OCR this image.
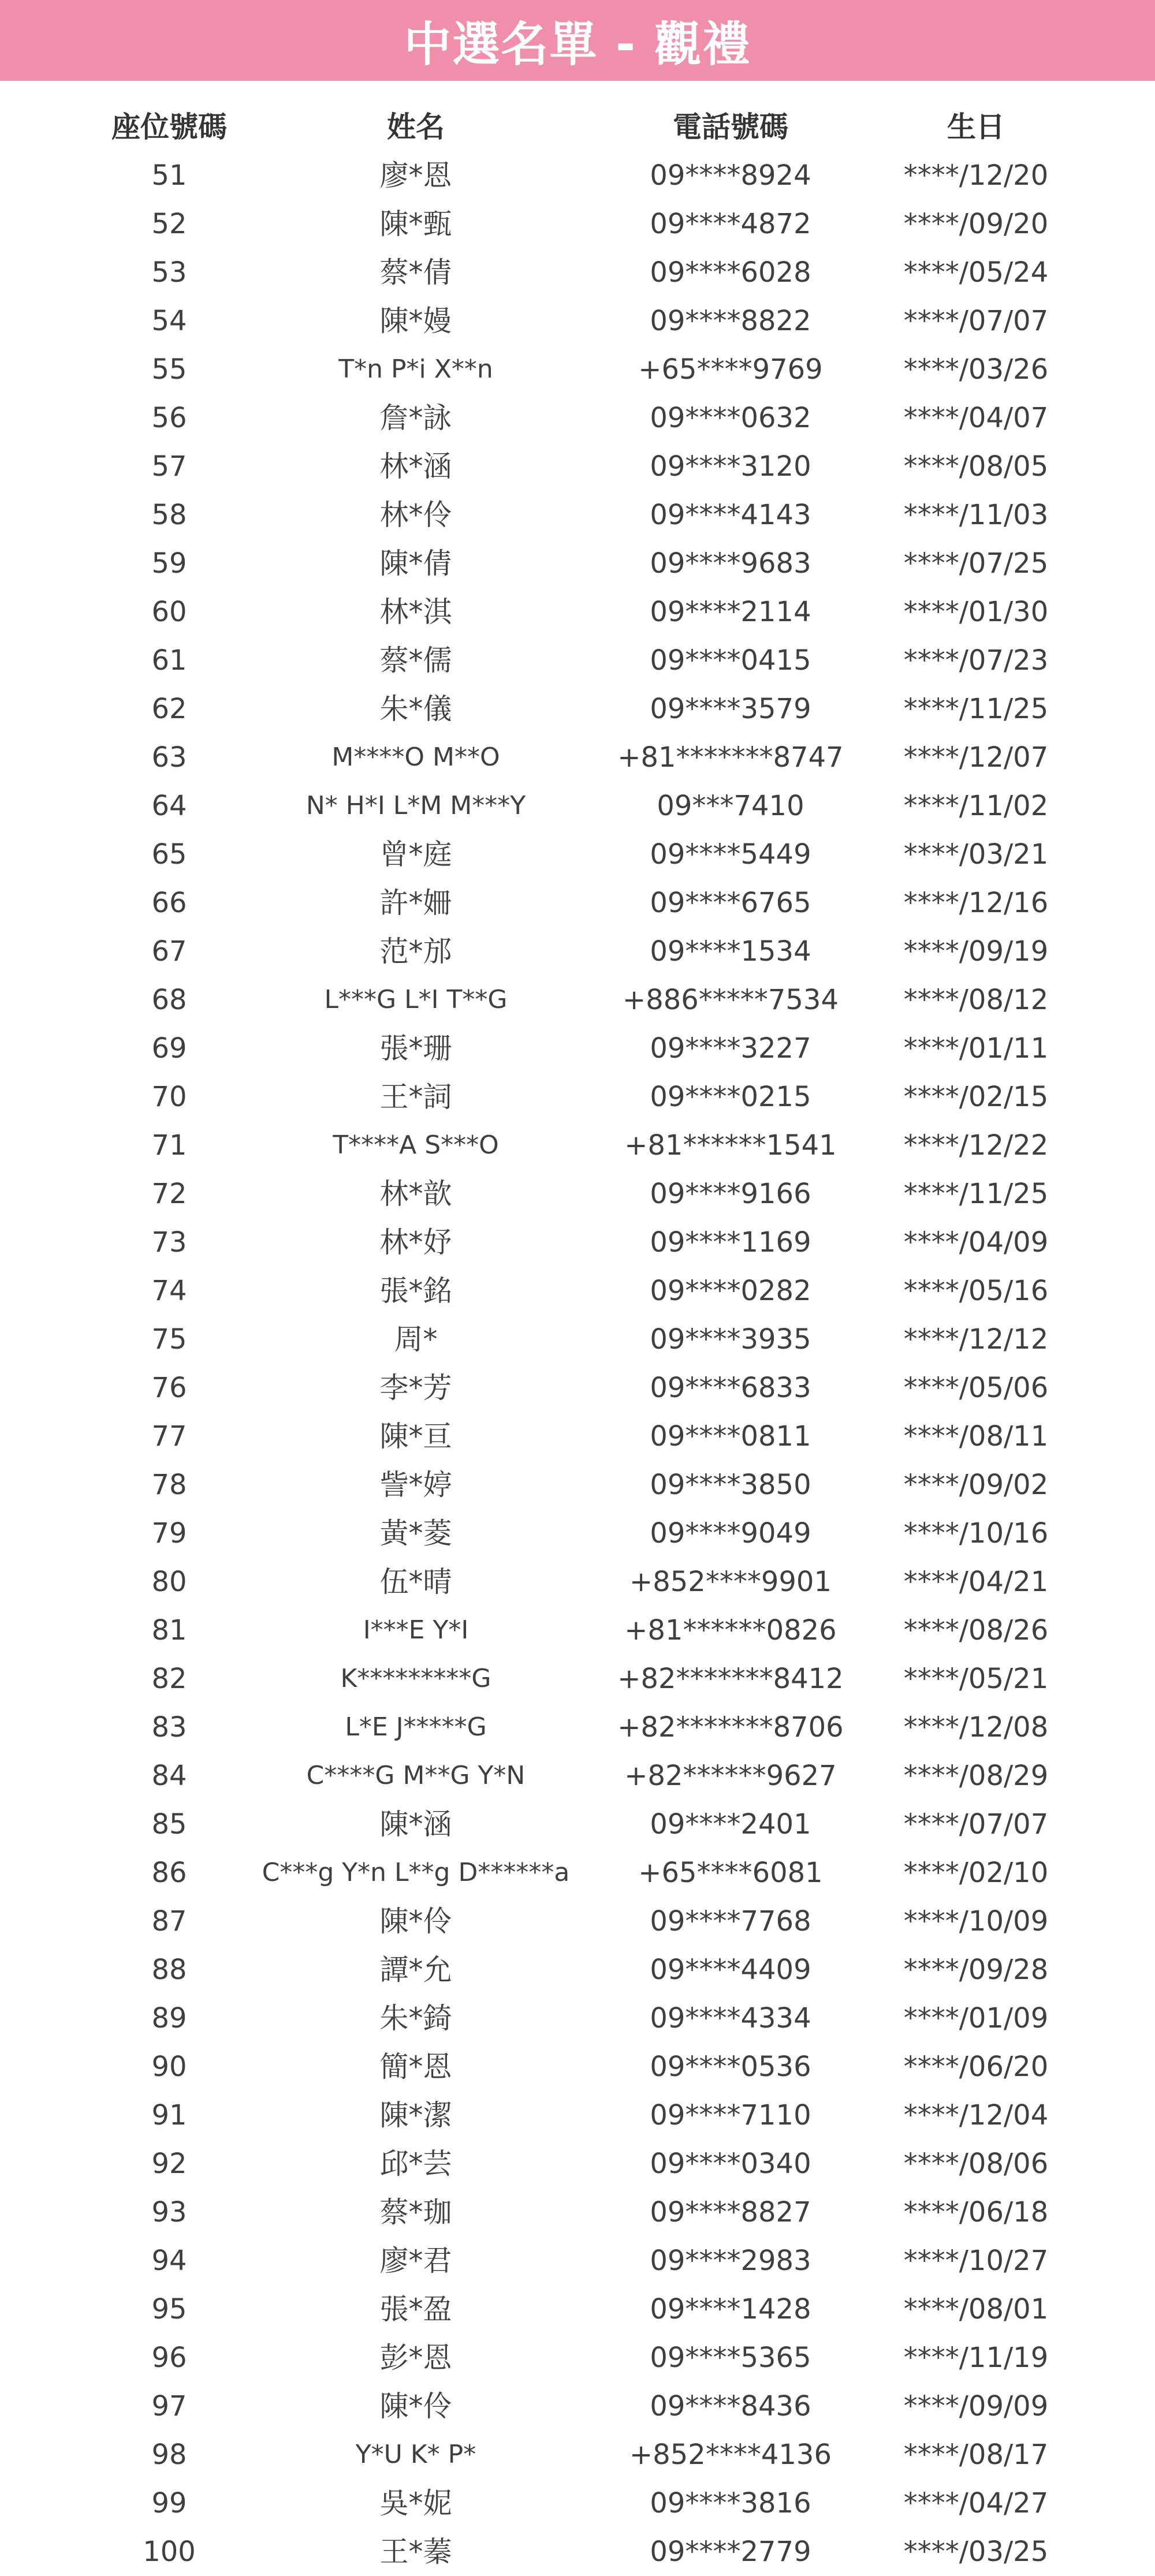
中選名單 - 觀禮
座位號碼	姓名	電話號碼	生日
51	廖*恩	09****8924	****/12/20
52	陳*甄	09****4872	****/09/20
53	蔡*倩	09****6028	****/05/24
54	陳*嫚	09****8822	****/07/07
55	T*n P*i X**n	+65****9769	****/03/26
56	詹*詠	09****0632	****/04/07
57	林*涵	09****3120	****/08/05
58	林*伶	09****4143	****/11/03
59	陳*倩	09****9683	****/07/25
60	林*淇	09****2114	****/01/30
61	蔡*儒	09****0415	****/07/23
62	朱*儀	09****3579	****/11/25
63	M****O M**O	+81*******8747	****/12/07
64	N* H*I L*M M***Y	09***7410	****/11/02
65	曾*庭	09****5449	****/03/21
66	許*姍	09****6765	****/12/16
67	范*邡	09****1534	****/09/19
68	L***G L*I T**G	+886*****7534	****/08/12
69	張*珊	09****3227	****/01/11
70	王*詞	09****0215	****/02/15
71	T****A S***O	+81******1541	****/12/22
72	林*歆	09****9166	****/11/25
73	林*妤	09****1169	****/04/09
74	張*銘	09****0282	****/05/16
75	周*	09****3935	****/12/12
76	李*芳	09****6833	****/05/06
77	陳*亘	09****0811	****/08/11
78	訾*婷	09****3850	****/09/02
79	黃*菱	09****9049	****/10/16
80	伍*晴	+852****9901	****/04/21
81	I***E Y*I	+81******0826	****/08/26
82	K*********G	+82*******8412	****/05/21
83	L*E J*****G	+82*******8706	****/12/08
84	C****G M**G Y*N	+82******9627	****/08/29
85	陳*涵	09****2401	****/07/07
86	C***g Y*n L**g D******a	+65****6081	****/02/10
87	陳*伶	09****7768	****/10/09
88	譚*允	09****4409	****/09/28
89	朱*錡	09****4334	****/01/09
90	簡*恩	09****0536	****/06/20
91	陳*潔	09****7110	****/12/04
92	邱*芸	09****0340	****/08/06
93	蔡*珈	09****8827	****/06/18
94	廖*君	09****2983	****/10/27
95	張*盈	09****1428	****/08/01
96	彭*恩	09****5365	****/11/19
97	陳*伶	09****8436	****/09/09
98	Y*U K* P*	+852****4136	****/08/17
99	吳*妮	09****3816	****/04/27
100	王*蓁	09****2779	****/03/25
